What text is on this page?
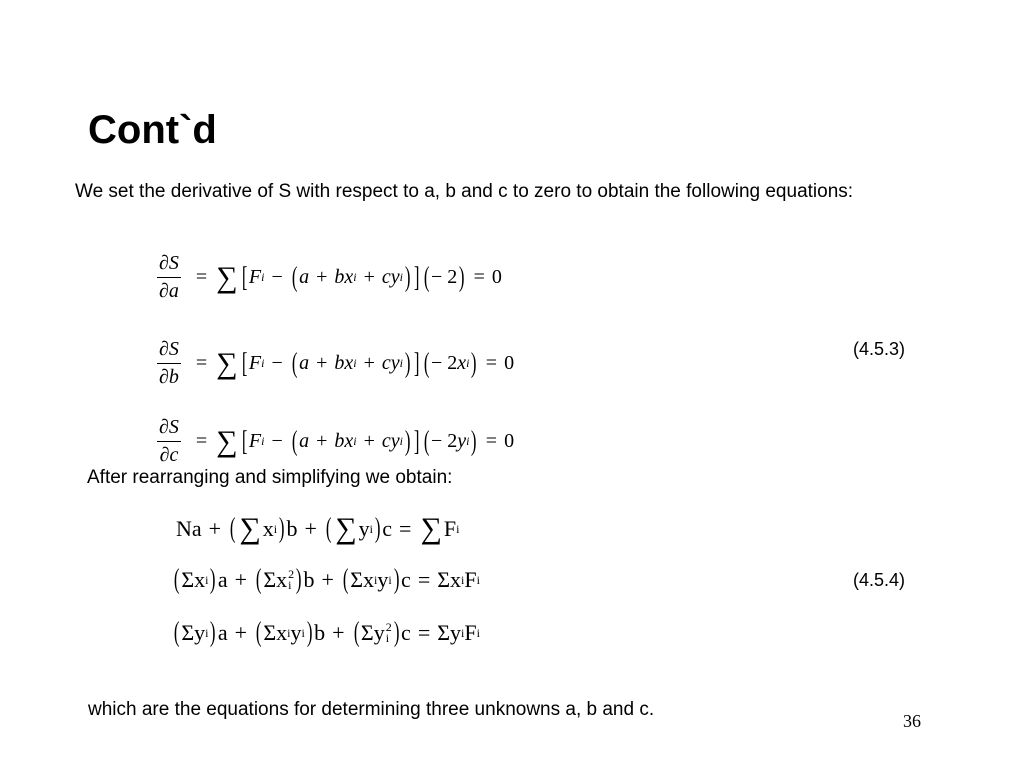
Cont`d
We set the derivative of S with respect to a, b and c to zero to obtain the following equations:
$\frac{\partial S}{\partial a}$ = ∑ [ F i − ( a + bx i + cy i ) ] ( − 2 ) = 0
$\frac{\partial S}{\partial b}$ = ∑ [ F i − ( a + bx i + cy i ) ] ( − 2x i ) = 0
$\frac{\partial S}{\partial c}$ = ∑ [ F i − ( a + bx i + cy i ) ] ( − 2y i ) = 0
(4.5.3)
After rearranging and simplifying we obtain:
Na + ( ∑ x i ) b + ( ∑ y i ) c = ∑ F i
( Σx i ) a + ( Σx 2
i ) b + ( Σx i y i ) c = Σx i F i
( Σy i ) a + ( Σx i y i ) b + ( Σy 2
i ) c = Σy i F i
(4.5.4)
which are the equations for determining three unknowns a, b and c.
36
